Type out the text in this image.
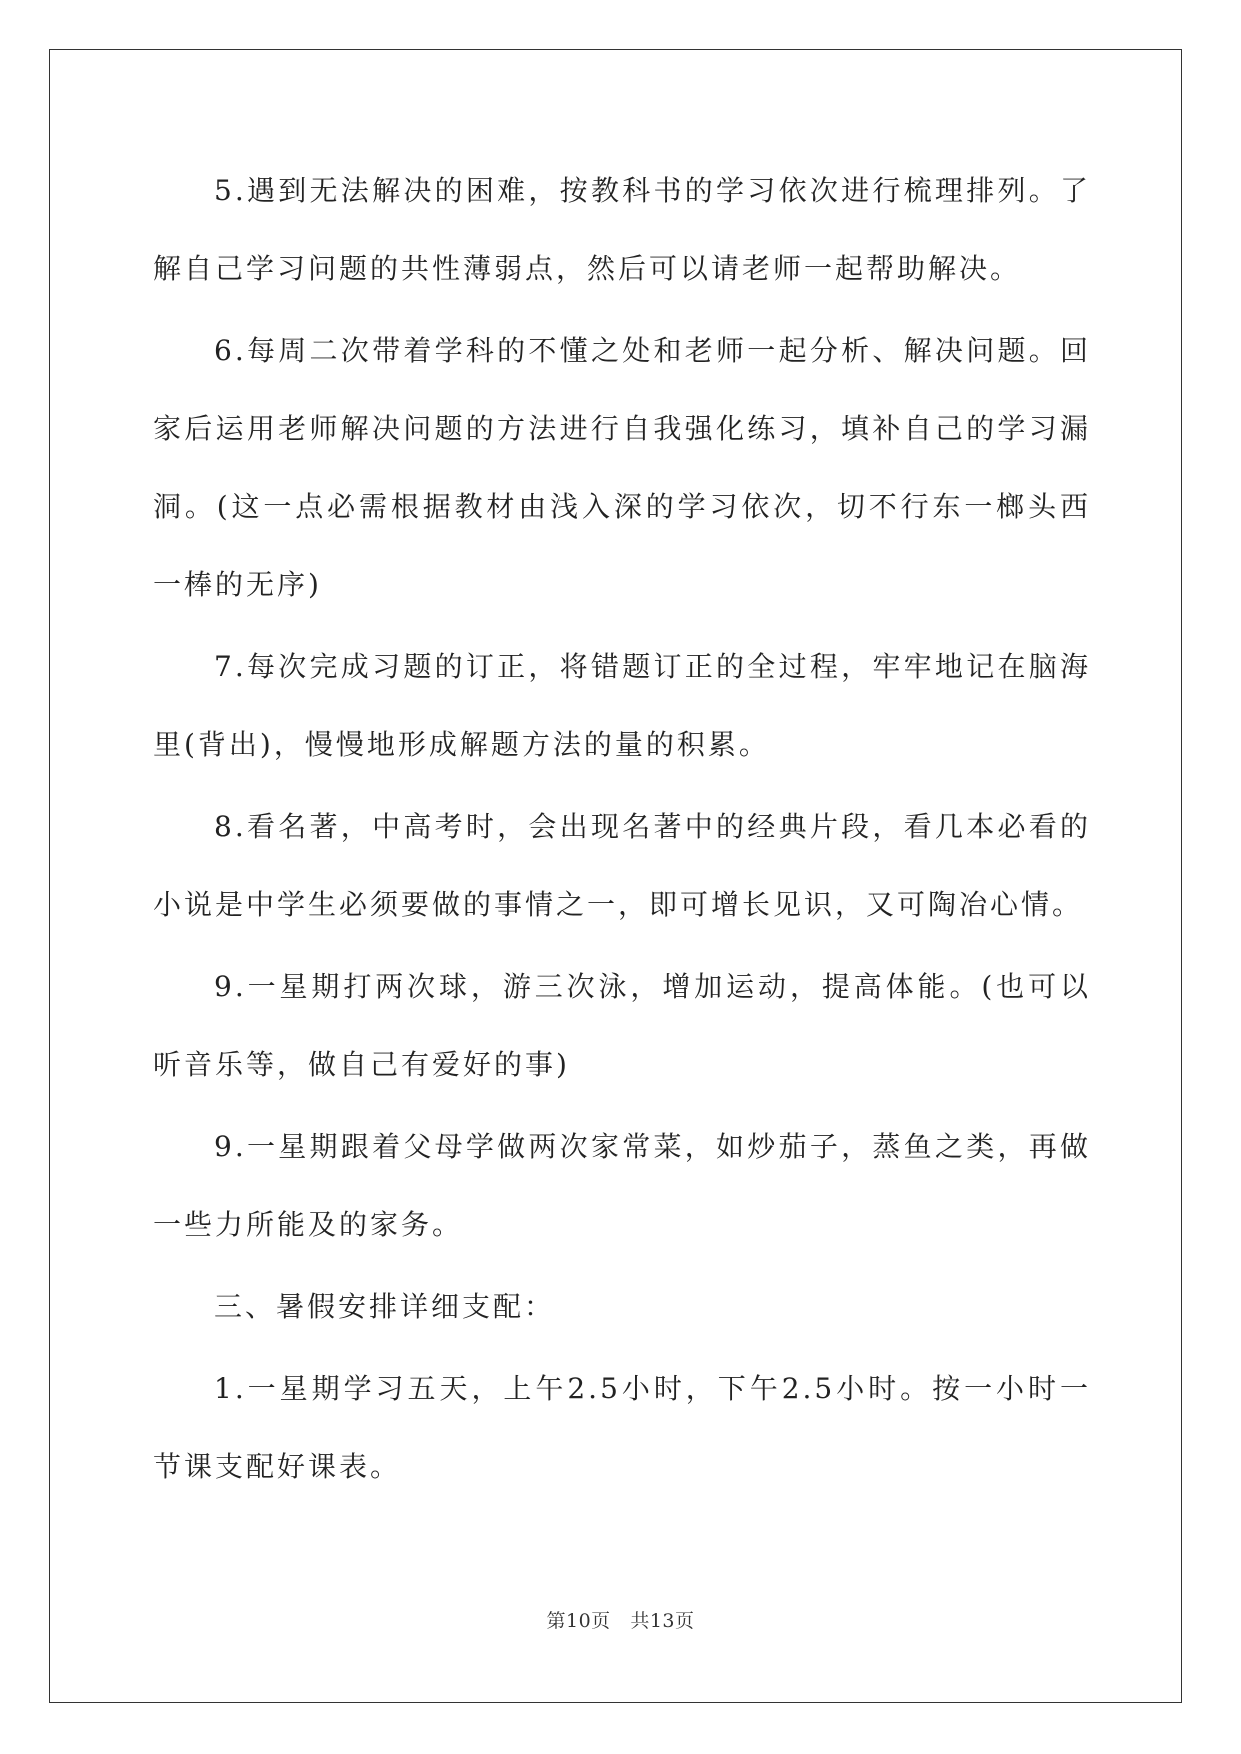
5.遇到无法解决的困难，按教科书的学习依次进行梳理排列。了解自己学习问题的共性薄弱点，然后可以请老师一起帮助解决。

6.每周二次带着学科的不懂之处和老师一起分析、解决问题。回家后运用老师解决问题的方法进行自我强化练习，填补自己的学习漏洞。(这一点必需根据教材由浅入深的学习依次，切不行东一榔头西一棒的无序)

7.每次完成习题的订正，将错题订正的全过程，牢牢地记在脑海里(背出)，慢慢地形成解题方法的量的积累。

8.看名著，中高考时，会出现名著中的经典片段，看几本必看的小说是中学生必须要做的事情之一，即可增长见识，又可陶冶心情。

9.一星期打两次球，游三次泳，增加运动，提高体能。(也可以听音乐等，做自己有爱好的事)

9.一星期跟着父母学做两次家常菜，如炒茄子，蒸鱼之类，再做一些力所能及的家务。

三、暑假安排详细支配：

1.一星期学习五天，上午2.5小时，下午2.5小时。按一小时一节课支配好课表。

第10页 共13页
